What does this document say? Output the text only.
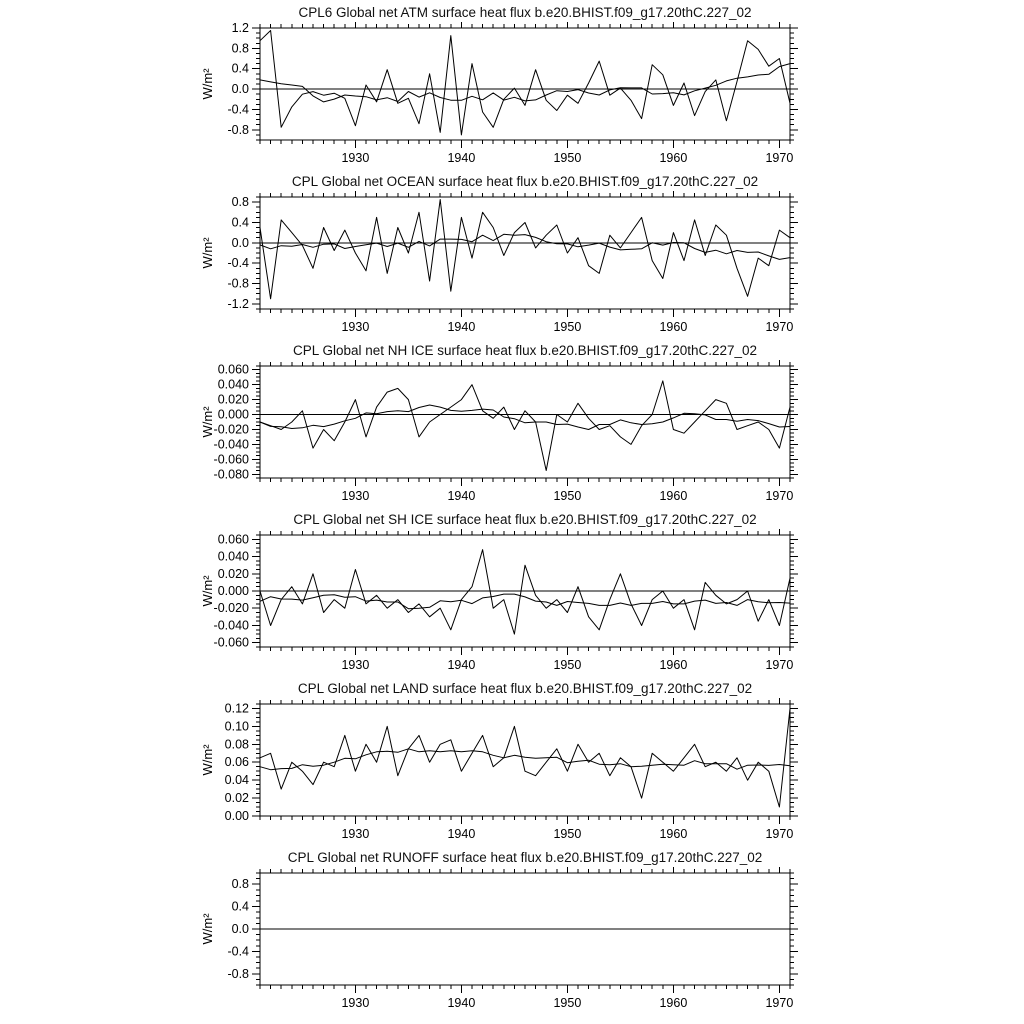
CPL6 Global net ATM surface heat flux b.e20.BHIST.f09_g17.20thC.227_02
1930	1940	1950	1960	1970
1.2
0.8
0.4
0.0
-0.4
-0.8
W/m²
CPL Global net OCEAN surface heat flux b.e20.BHIST.f09_g17.20thC.227_02
1930	1940	1950	1960	1970
0.8
0.4
0.0
-0.4
-0.8
-1.2
W/m²
CPL Global net NH ICE surface heat flux b.e20.BHIST.f09_g17.20thC.227_02
1930	1940	1950	1960	1970
0.060
0.040
0.020
0.000
-0.020
-0.040
-0.060
-0.080
W/m²
CPL Global net SH ICE surface heat flux b.e20.BHIST.f09_g17.20thC.227_02
1930	1940	1950	1960	1970
0.060
0.040
0.020
0.000
-0.020
-0.040
-0.060
W/m²
CPL Global net LAND surface heat flux b.e20.BHIST.f09_g17.20thC.227_02
1930	1940	1950	1960	1970
0.12
0.10
0.08
0.06
0.04
0.02
0.00
W/m²
CPL Global net RUNOFF surface heat flux b.e20.BHIST.f09_g17.20thC.227_02
1930	1940	1950	1960	1970
0.8
0.4
0.0
-0.4
-0.8
W/m²
